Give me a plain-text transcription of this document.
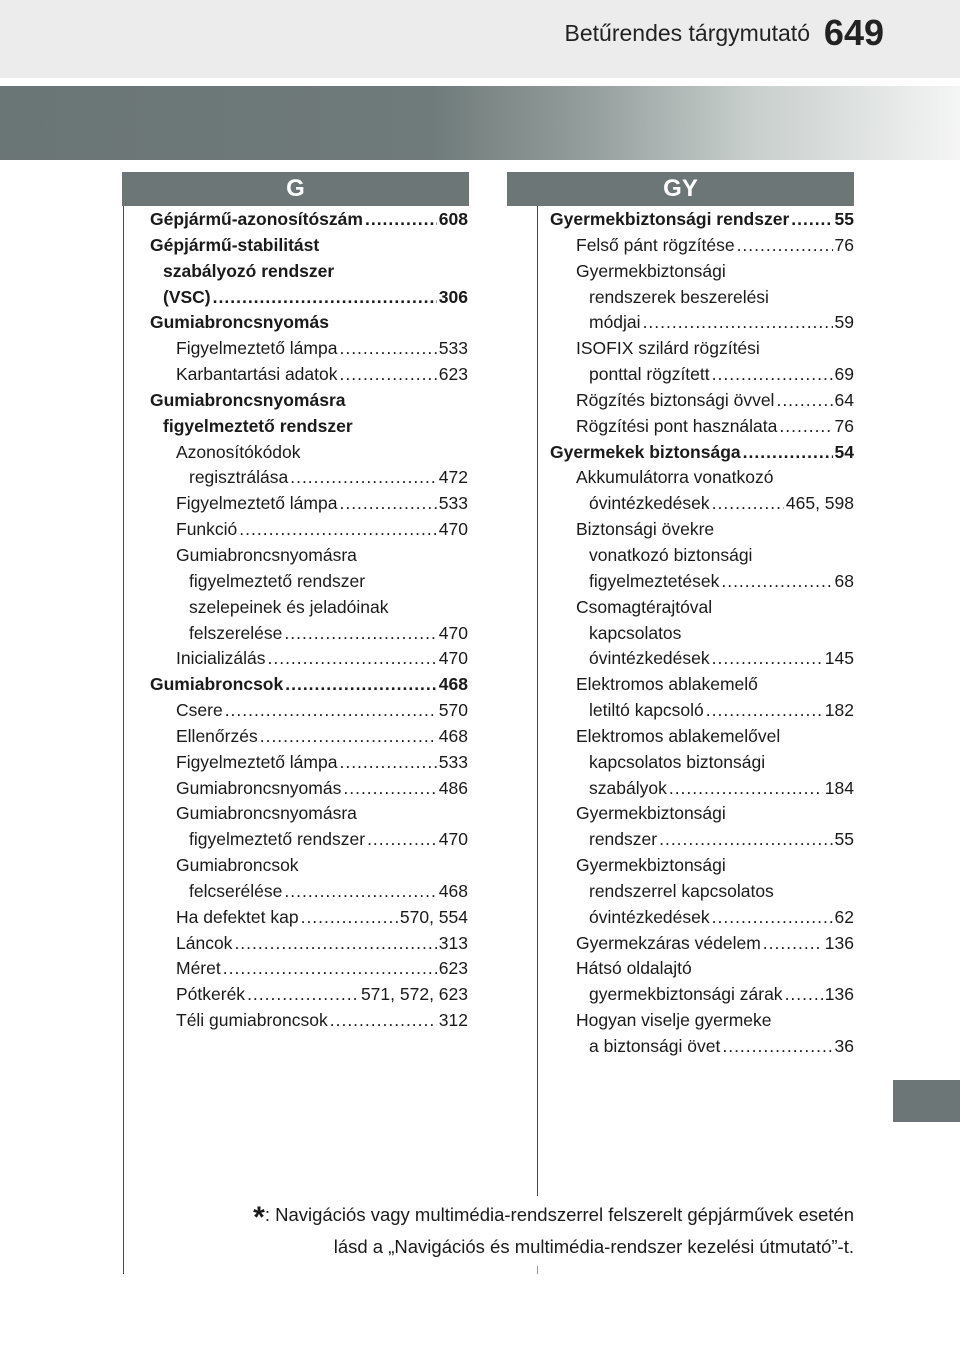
Betűrendes tárgymutató 649
G	GY
Gépjármű-azonosítószám .....	608
Gépjármű-stabilitást
szabályozó rendszer
(VSC) .....	306
Gumiabroncsnyomás
Figyelmeztető lámpa .....	533
Karbantartási adatok .....	623
Gumiabroncsnyomásra
figyelmeztető rendszer
Azonosítókódok
regisztrálása .....	472
Figyelmeztető lámpa .....	533
Funkció .....	470
Gumiabroncsnyomásra
figyelmeztető rendszer
szelepeinek és jeladóinak
felszerelése .....	470
Inicializálás .....	470
Gumiabroncsok .....	468
Csere .....	570
Ellenőrzés .....	468
Figyelmeztető lámpa .....	533
Gumiabroncsnyomás .....	486
Gumiabroncsnyomásra
figyelmeztető rendszer .....	470
Gumiabroncsok
felcserélése .....	468
Ha defektet kap .....	570, 554
Láncok .....	313
Méret .....	623
Pótkerék .....	571, 572, 623
Téli gumiabroncsok .....	312
Gyermekbiztonsági rendszer .....	55
Felső pánt rögzítése .....	76
Gyermekbiztonsági
rendszerek beszerelési
módjai .....	59
ISOFIX szilárd rögzítési
ponttal rögzített .....	69
Rögzítés biztonsági övvel .....	64
Rögzítési pont használata .....	76
Gyermekek biztonsága .....	54
Akkumulátorra vonatkozó
óvintézkedések .....	465, 598
Biztonsági övekre
vonatkozó biztonsági
figyelmeztetések .....	68
Csomagtérajtóval
kapcsolatos
óvintézkedések .....	145
Elektromos ablakemelő
letiltó kapcsoló .....	182
Elektromos ablakemelővel
kapcsolatos biztonsági
szabályok .....	184
Gyermekbiztonsági
rendszer .....	55
Gyermekbiztonsági
rendszerrel kapcsolatos
óvintézkedések .....	62
Gyermekzáras védelem .....	136
Hátsó oldalajtó
gyermekbiztonsági zárak ..... 136
Hogyan viselje gyermeke
a biztonsági övet .....	36
*: Navigációs vagy multimédia-rendszerrel felszerelt gépjárművek esetén
lásd a „Navigációs és multimédia-rendszer kezelési útmutató”-t.
